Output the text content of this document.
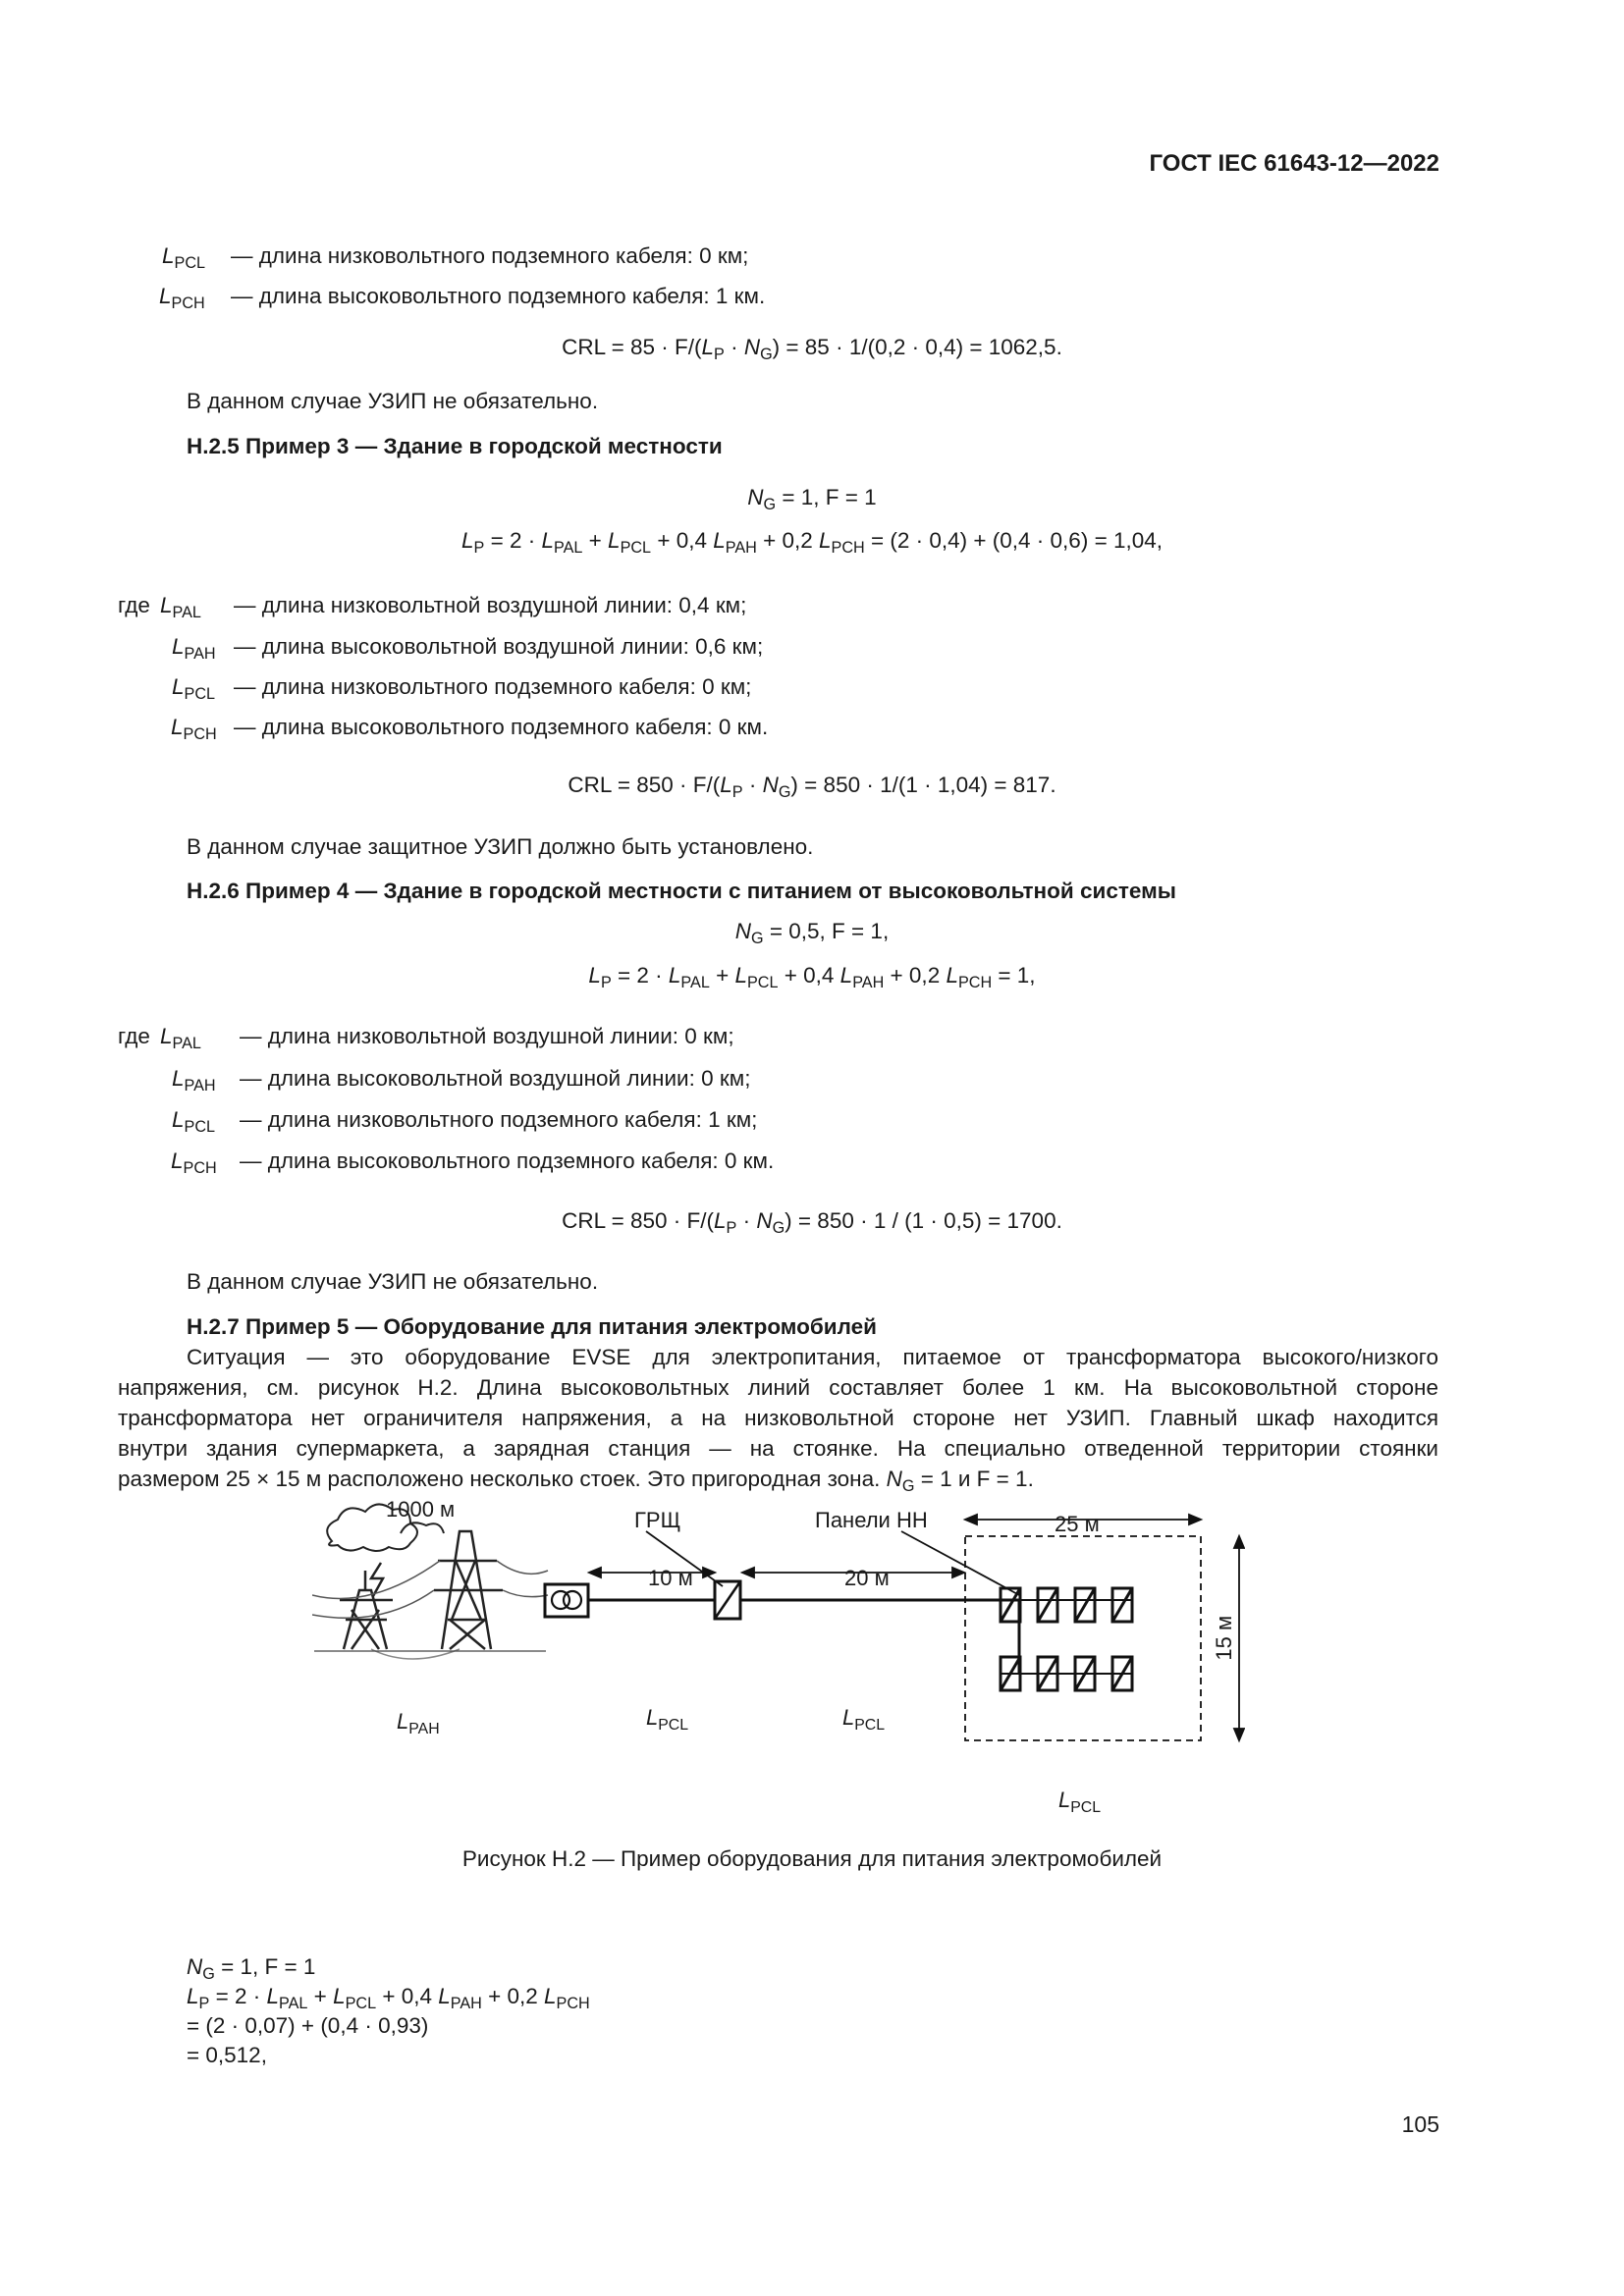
ГОСТ IEC 61643-12—2022
$L_{PCL}$ — длина низковольтного подземного кабеля: 0 км;
$L_{PCH}$ — длина высоковольтного подземного кабеля: 1 км.
CRL = $85 \cdot F/(L_P \cdot N_G) = 85 \cdot 1/(0,2 \cdot 0,4) = 1062,5$.
В данном случае УЗИП не обязательно.
Н.2.5 Пример 3 — Здание в городской местности
$N_G = 1$, F = 1
$L_P = 2 \cdot L_{PAL} + L_{PCL} + 0,4$ $L_{PAH} + 0,2$ $L_{PCH} = (2 \cdot 0,4) + (0,4 \cdot 0,6) = 1,04$,
где $L_{PAL}$ — длина низковольтной воздушной линии: 0,4 км;
$L_{PAH}$ — длина высоковольтной воздушной линии: 0,6 км;
$L_{PCL}$ — длина низковольтного подземного кабеля: 0 км;
$L_{PCH}$ — длина высоковольтного подземного кабеля: 0 км.
CRL = $850 \cdot F/(L_P \cdot N_G) = 850 \cdot 1/(1 \cdot 1,04) = 817$.
В данном случае защитное УЗИП должно быть установлено.
Н.2.6 Пример 4 — Здание в городской местности с питанием от высоковольтной системы
$N_G = 0,5$, F = 1,
$L_P = 2 \cdot L_{PAL} + L_{PCL} + 0,4$ $L_{PAH} + 0,2$ $L_{PCH} = 1$,
где $L_{PAL}$ — длина низковольтной воздушной линии: 0 км;
$L_{PAH}$ — длина высоковольтной воздушной линии: 0 км;
$L_{PCL}$ — длина низковольтного подземного кабеля: 1 км;
$L_{PCH}$ — длина высоковольтного подземного кабеля: 0 км.
CRL = $850 \cdot F/(L_P \cdot N_G) = 850 \cdot 1 / (1 \cdot 0,5) = 1700$.
В данном случае УЗИП не обязательно.
Н.2.7 Пример 5 — Оборудование для питания электромобилей
Ситуация — это оборудование EVSE для электропитания, питаемое от трансформатора высокого/низкого
напряжения, см. рисунок Н.2. Длина высоковольтных линий составляет более 1 км. На высоковольтной стороне
трансформатора нет ограничителя напряжения, а на низковольтной стороне нет УЗИП. Главный шкаф находится
внутри здания супермаркета, а зарядная станция — на стоянке. На специально отведенной территории стоянки
размером 25 × 15 м расположено несколько стоек. Это пригородная зона. $N_G = 1$ и F = 1.
1000 м	ГРЩ	Панели НН	25 м
10 м	20 м
15 м
$L_{PAH}$	$L_{PCL}$	$L_{PCL}$
$L_{PCL}$
Рисунок Н.2 — Пример оборудования для питания электромобилей
$N_G = 1$, F = 1
$L_P = 2 \cdot L_{PAL} + L_{PCL} + 0,4$ $L_{PAH} + 0,2$ $L_{PCH}$
= (2 · 0,07) + (0,4 · 0,93)
= 0,512,
105
